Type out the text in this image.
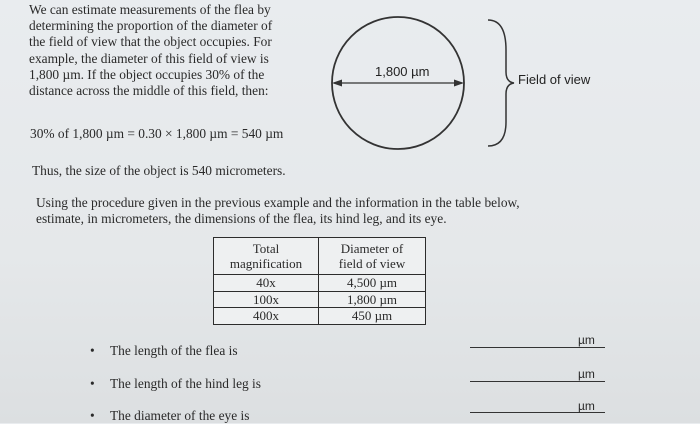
We can estimate measurements of the flea by
determining the proportion of the diameter of
the field of view that the object occupies. For
example, the diameter of this field of view is
1,800 µm. If the object occupies 30% of the
distance across the middle of this field, then:
1,800 µm
Field of view
30% of 1,800 µm = 0.30 × 1,800 µm = 540 µm
Thus, the size of the object is 540 micrometers.
Using the procedure given in the previous example and the information in the table below,
estimate, in micrometers, the dimensions of the flea, its hind leg, and its eye.
Total
magnification	Diameter of
field of view

40x	4,500 µm
100x	1,800 µm
400x	450 µm
• The length of the flea is
µm
• The length of the hind leg is
µm
• The diameter of the eye is
µm
